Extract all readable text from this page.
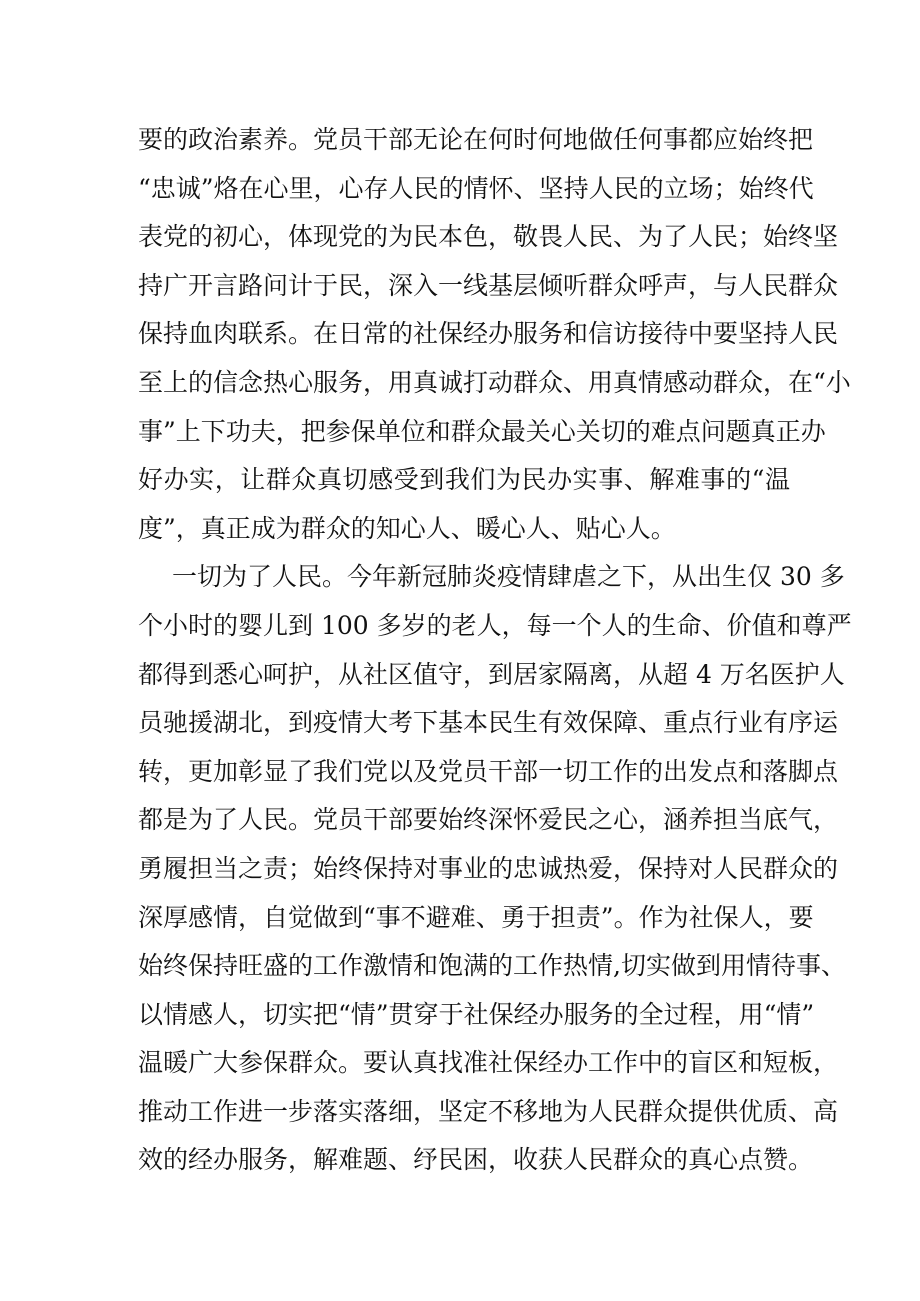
要的政治素养。党员干部无论在何时何地做任何事都应始终把
“忠诚”烙在心里，心存人民的情怀、坚持人民的立场；始终代
表党的初心，体现党的为民本色，敬畏人民、为了人民；始终坚
持广开言路问计于民，深入一线基层倾听群众呼声，与人民群众
保持血肉联系。在日常的社保经办服务和信访接待中要坚持人民
至上的信念热心服务，用真诚打动群众、用真情感动群众，在“小
事”上下功夫，把参保单位和群众最关心关切的难点问题真正办
好办实，让群众真切感受到我们为民办实事、解难事的“温
度”，真正成为群众的知心人、暖心人、贴心人。
一切为了人民。今年新冠肺炎疫情肆虐之下，从出生仅 30 多
个小时的婴儿到 100 多岁的老人，每一个人的生命、价值和尊严
都得到悉心呵护，从社区值守，到居家隔离，从超 4 万名医护人
员驰援湖北，到疫情大考下基本民生有效保障、重点行业有序运
转，更加彰显了我们党以及党员干部一切工作的出发点和落脚点
都是为了人民。党员干部要始终深怀爱民之心，涵养担当底气，
勇履担当之责；始终保持对事业的忠诚热爱，保持对人民群众的
深厚感情，自觉做到“事不避难、勇于担责”。作为社保人，要
始终保持旺盛的工作激情和饱满的工作热情,切实做到用情待事、
以情感人，切实把“情”贯穿于社保经办服务的全过程，用“情”
温暖广大参保群众。要认真找准社保经办工作中的盲区和短板，
推动工作进一步落实落细，坚定不移地为人民群众提供优质、高
效的经办服务，解难题、纾民困，收获人民群众的真心点赞。
